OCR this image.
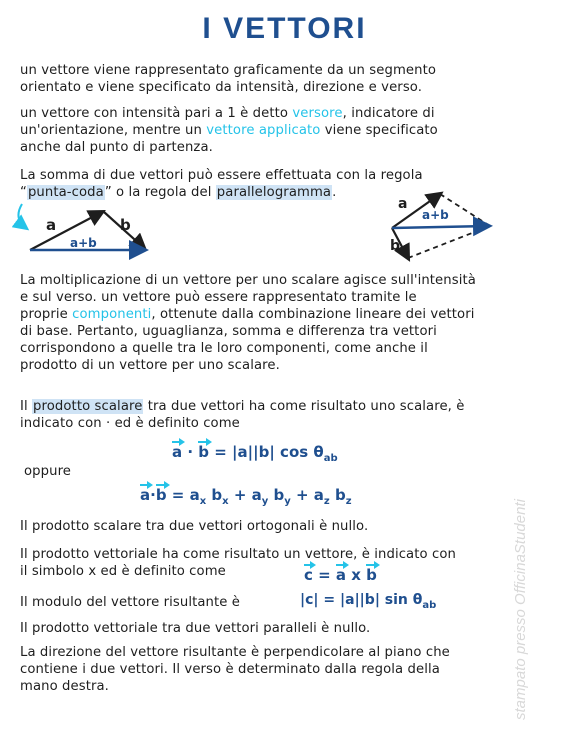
I VETTORI
un vettore viene rappresentato graficamente da un segmento
orientato e viene specificato da intensità, direzione e verso.
un vettore con intensità pari a 1 è detto versore, indicatore di
un'orientazione, mentre un vettore applicato viene specificato
anche dal punto di partenza.
La somma di due vettori può essere effettuata con la regola
“punta-coda” o la regola del parallelogramma.
a	b
a+b
a
b
a+b
La moltiplicazione di un vettore per uno scalare agisce sull'intensità
e sul verso. un vettore può essere rappresentato tramite le
proprie componenti, ottenute dalla combinazione lineare dei vettori
di base. Pertanto, uguaglianza, somma e differenza tra vettori
corrispondono a quelle tra le loro componenti, come anche il
prodotto di un vettore per uno scalare.
Il prodotto scalare tra due vettori ha come risultato uno scalare, è
indicato con · ed è definito come
a · b = |a||b| $\cos \theta_{ab}$
oppure
$a\cdot b = a_x$ $b_x + a_y$ $b_y + a_z$ $b_z$
Il prodotto scalare tra due vettori ortogonali è nullo.
Il prodotto vettoriale ha come risultato un vettore, è indicato con
il simbolo x ed è definito come	c = a x b
Il modulo del vettore risultante è	|c| = |a||b| $\sin \theta_{ab}$
Il prodotto vettoriale tra due vettori paralleli è nullo.
La direzione del vettore risultante è perpendicolare al piano che
contiene i due vettori. Il verso è determinato dalla regola della
mano destra.	stampato presso OfficinaStudenti
